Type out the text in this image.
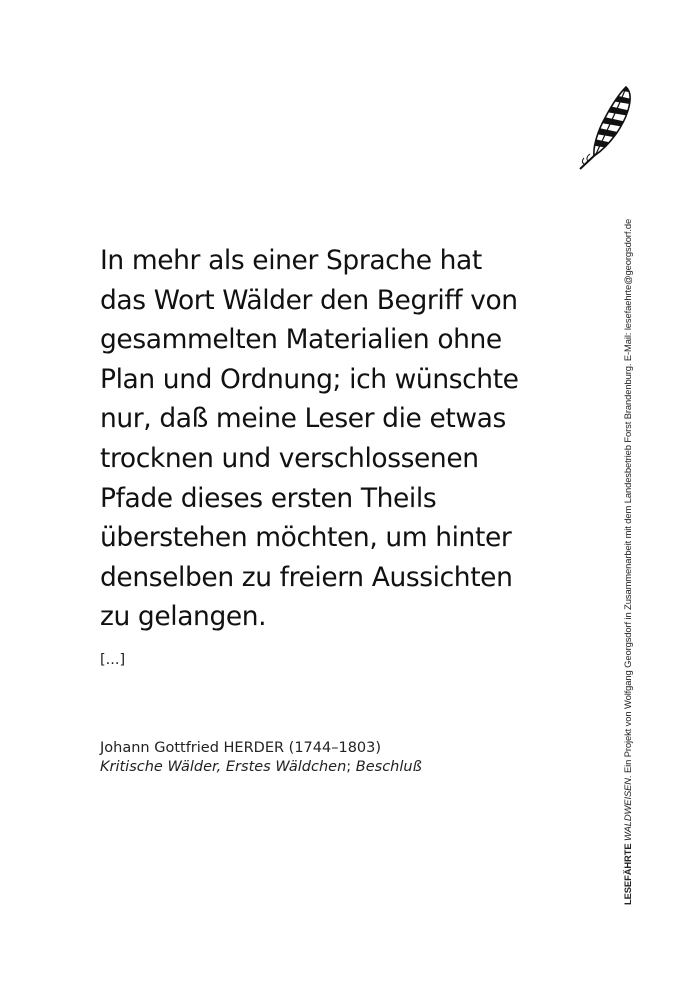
In mehr als einer Sprache hat
das Wort Wälder den Begriff von
gesammelten Materialien ohne
Plan und Ordnung; ich wünschte
nur, daß meine Leser die etwas
trocknen und verschlossenen
Pfade dieses ersten Theils
überstehen möchten, um hinter
denselben zu freiern Aussichten
zu gelangen.

[...]
Johann Gottfried HERDER (1744–1803)
Kritische Wälder, Erstes Wäldchen; Beschluß
LESEFÄHRTE WALDWEISEN. Ein Projekt von Wolfgang Georgsdorf in Zusammenarbeit mit dem Landesbetrieb Forst Brandenburg. E-Mail: lesefaehrte@georgsdorf.de
